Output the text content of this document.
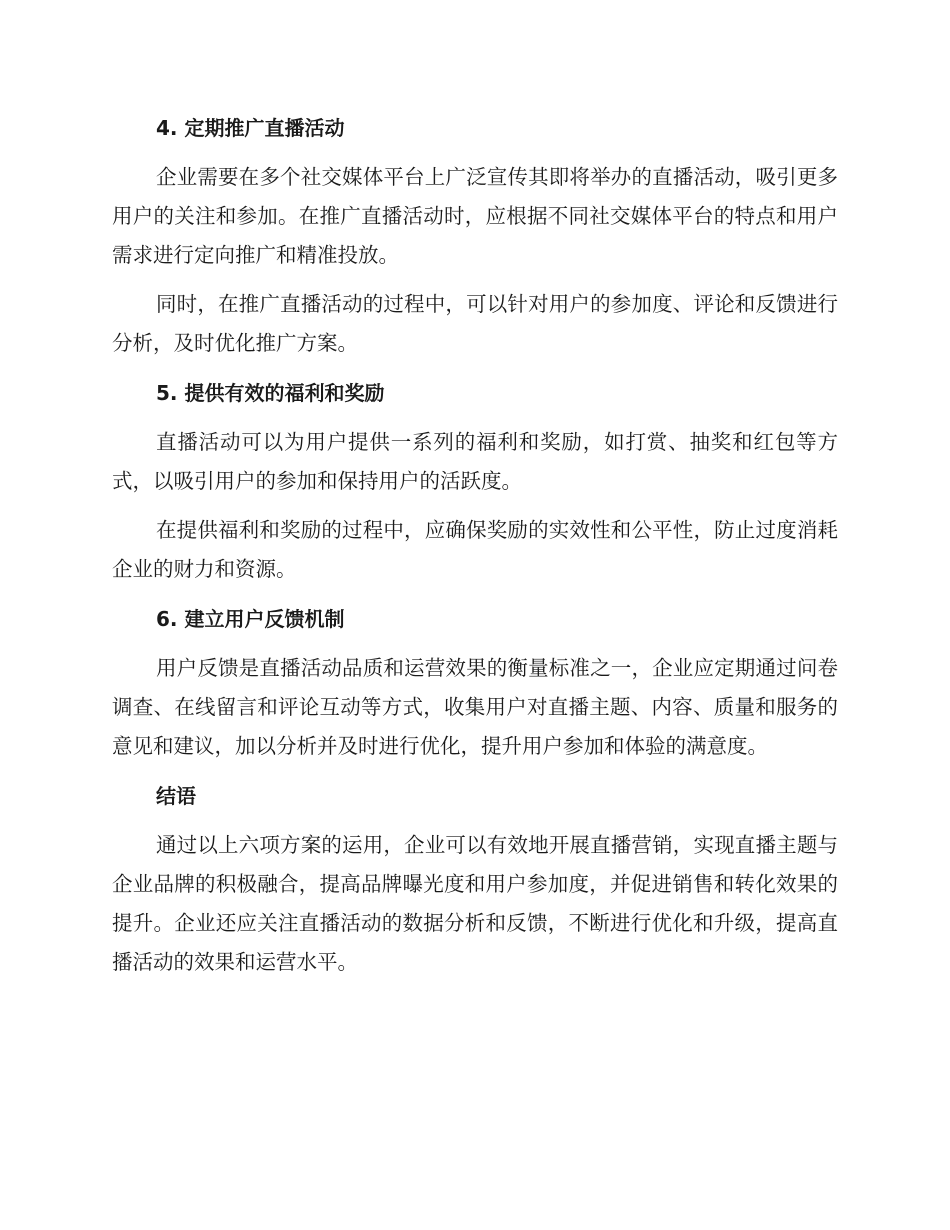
4. 定期推广直播活动

企业需要在多个社交媒体平台上广泛宣传其即将举办的直播活动，吸引更多用户的关注和参加。在推广直播活动时，应根据不同社交媒体平台的特点和用户需求进行定向推广和精准投放。

同时，在推广直播活动的过程中，可以针对用户的参加度、评论和反馈进行分析，及时优化推广方案。

5. 提供有效的福利和奖励

直播活动可以为用户提供一系列的福利和奖励，如打赏、抽奖和红包等方式，以吸引用户的参加和保持用户的活跃度。

在提供福利和奖励的过程中，应确保奖励的实效性和公平性，防止过度消耗企业的财力和资源。

6. 建立用户反馈机制

用户反馈是直播活动品质和运营效果的衡量标准之一，企业应定期通过问卷调查、在线留言和评论互动等方式，收集用户对直播主题、内容、质量和服务的意见和建议，加以分析并及时进行优化，提升用户参加和体验的满意度。

结语

通过以上六项方案的运用，企业可以有效地开展直播营销，实现直播主题与企业品牌的积极融合，提高品牌曝光度和用户参加度，并促进销售和转化效果的提升。企业还应关注直播活动的数据分析和反馈，不断进行优化和升级，提高直播活动的效果和运营水平。
